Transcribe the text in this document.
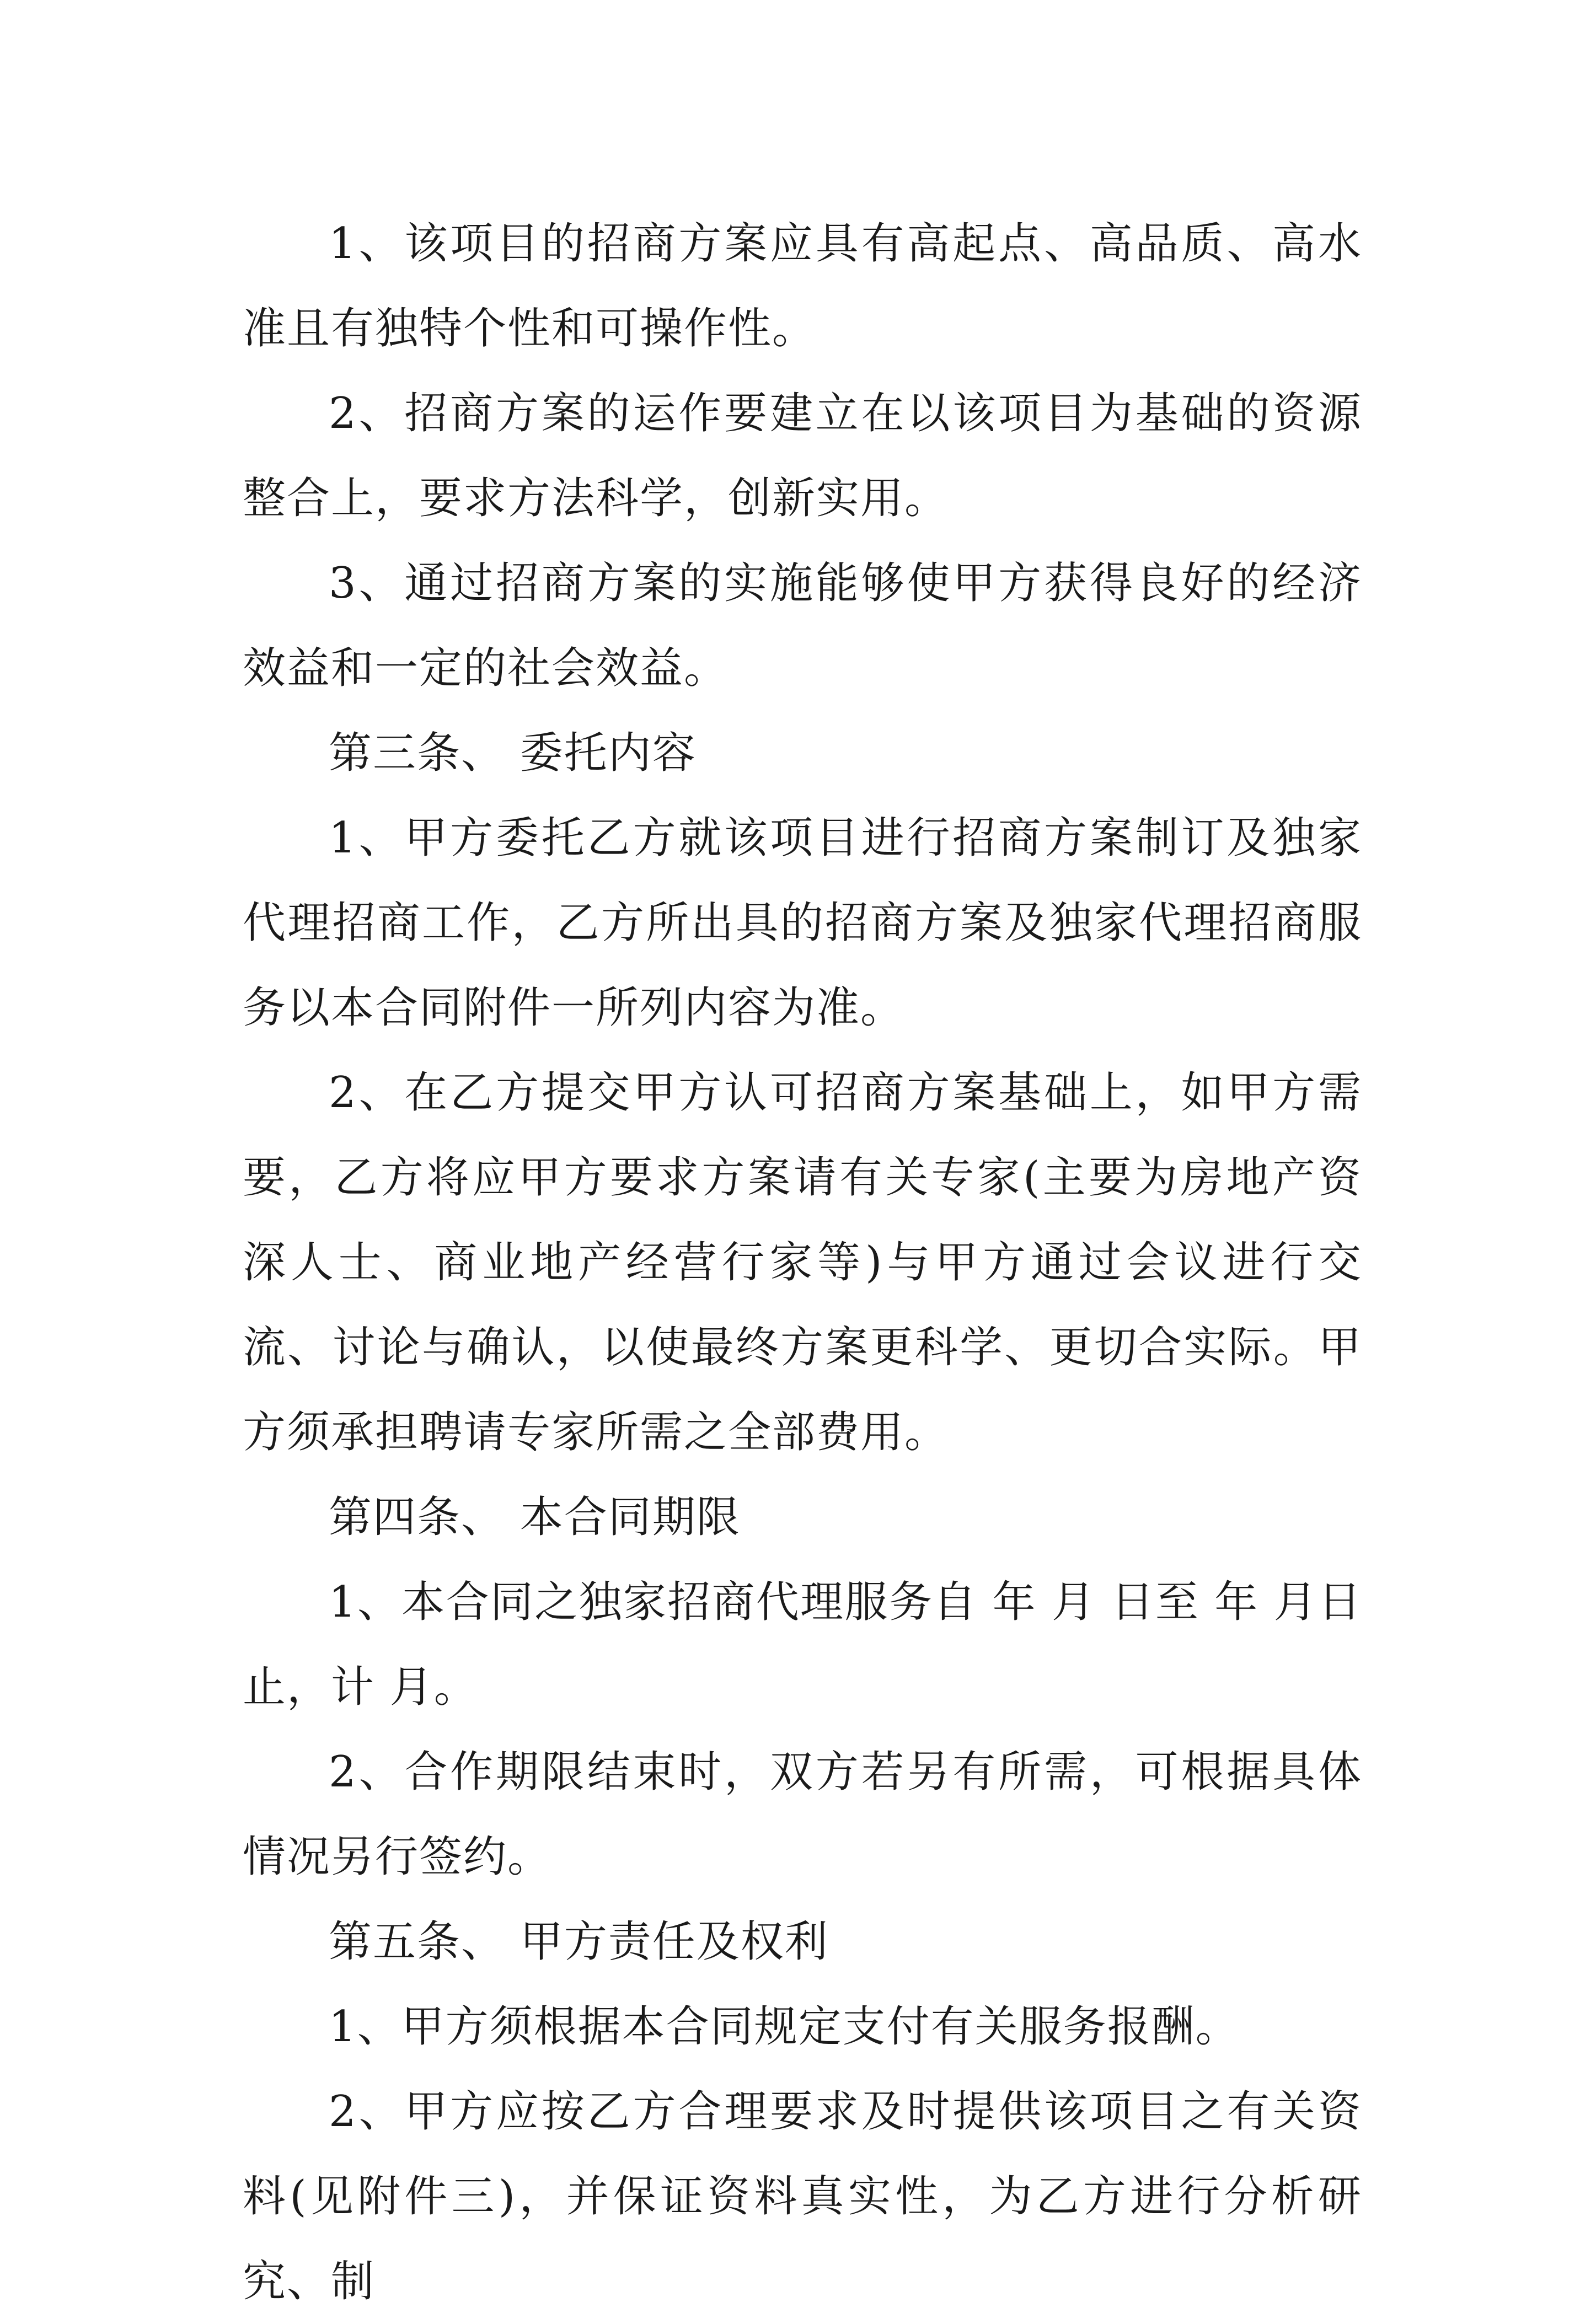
1、该项目的招商方案应具有高起点、高品质、高水准且有独特个性和可操作性。

2、招商方案的运作要建立在以该项目为基础的资源整合上，要求方法科学，创新实用。

3、通过招商方案的实施能够使甲方获得良好的经济效益和一定的社会效益。

第三条、 委托内容

1、甲方委托乙方就该项目进行招商方案制订及独家代理招商工作，乙方所出具的招商方案及独家代理招商服务以本合同附件一所列内容为准。

2、在乙方提交甲方认可招商方案基础上，如甲方需要，乙方将应甲方要求方案请有关专家(主要为房地产资深人士、商业地产经营行家等)与甲方通过会议进行交流、讨论与确认，以使最终方案更科学、更切合实际。甲方须承担聘请专家所需之全部费用。

第四条、 本合同期限

1、本合同之独家招商代理服务自 年 月 日至 年 月日止，计 月。

2、合作期限结束时，双方若另有所需，可根据具体情况另行签约。

第五条、 甲方责任及权利

1、甲方须根据本合同规定支付有关服务报酬。

2、甲方应按乙方合理要求及时提供该项目之有关资料(见附件三)，并保证资料真实性，为乙方进行分析研究、制
